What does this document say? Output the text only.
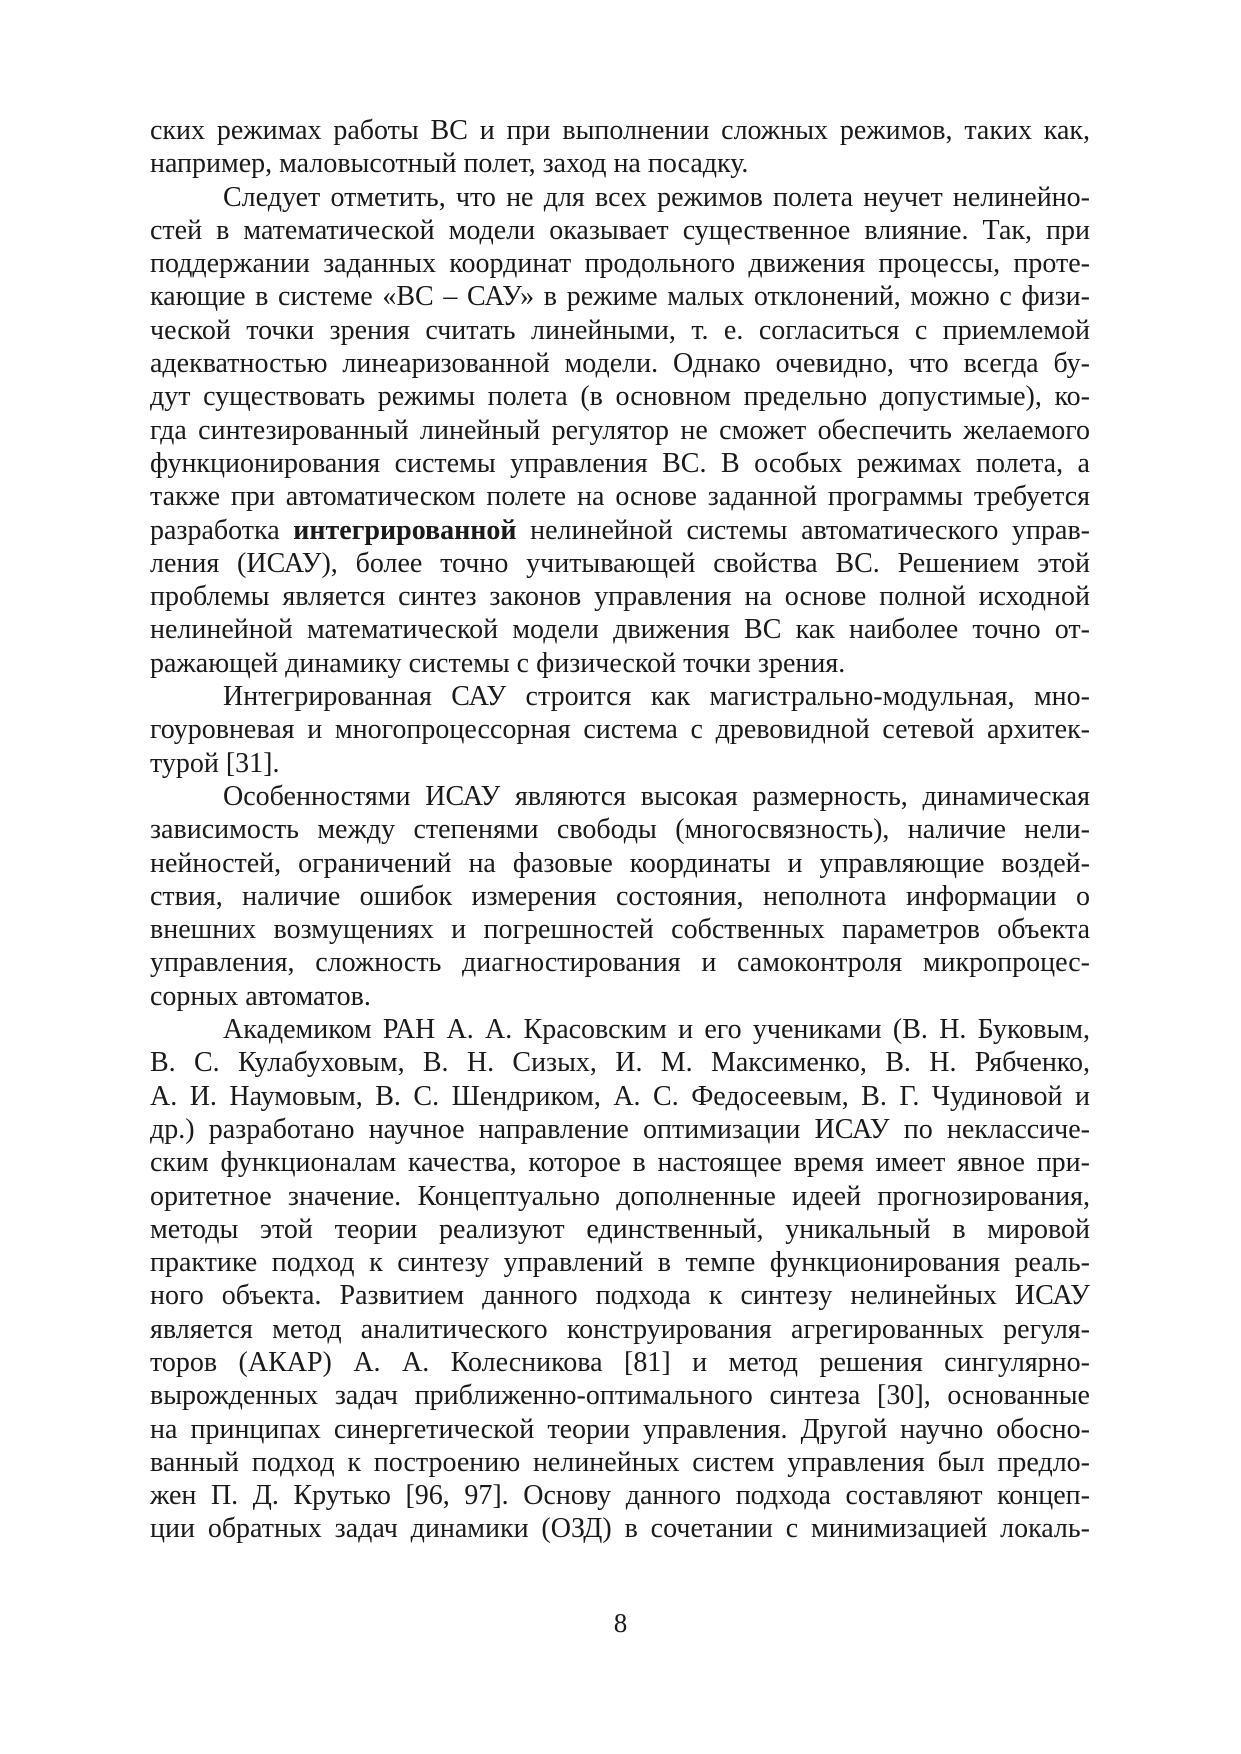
ских режимах работы ВС и при выполнении сложных режимов, таких как,
например, маловысотный полет, заход на посадку.
Следует отметить, что не для всех режимов полета неучет нелинейно-
стей в математической модели оказывает существенное влияние. Так, при
поддержании заданных координат продольного движения процессы, проте-
кающие в системе «ВС – САУ» в режиме малых отклонений, можно с физи-
ческой точки зрения считать линейными, т. е. согласиться с приемлемой
адекватностью линеаризованной модели. Однако очевидно, что всегда бу-
дут существовать режимы полета (в основном предельно допустимые), ко-
гда синтезированный линейный регулятор не сможет обеспечить желаемого
функционирования системы управления ВС. В особых режимах полета, а
также при автоматическом полете на основе заданной программы требуется
разработка интегрированной нелинейной системы автоматического управ-
ления (ИСАУ), более точно учитывающей свойства ВС. Решением этой
проблемы является синтез законов управления на основе полной исходной
нелинейной математической модели движения ВС как наиболее точно от-
ражающей динамику системы с физической точки зрения.
Интегрированная САУ строится как магистрально-модульная, мно-
гоуровневая и многопроцессорная система с древовидной сетевой архитек-
турой [31].
Особенностями ИСАУ являются высокая размерность, динамическая
зависимость между степенями свободы (многосвязность), наличие нели-
нейностей, ограничений на фазовые координаты и управляющие воздей-
ствия, наличие ошибок измерения состояния, неполнота информации о
внешних возмущениях и погрешностей собственных параметров объекта
управления, сложность диагностирования и самоконтроля микропроцес-
сорных автоматов.
Академиком РАН А. А. Красовским и его учениками (В. Н. Буковым,
В. С. Кулабуховым, В. Н. Сизых, И. М. Максименко, В. Н. Рябченко,
А. И. Наумовым, В. С. Шендриком, А. С. Федосеевым, В. Г. Чудиновой и
др.) разработано научное направление оптимизации ИСАУ по неклассиче-
ским функционалам качества, которое в настоящее время имеет явное при-
оритетное значение. Концептуально дополненные идеей прогнозирования,
методы этой теории реализуют единственный, уникальный в мировой
практике подход к синтезу управлений в темпе функционирования реаль-
ного объекта. Развитием данного подхода к синтезу нелинейных ИСАУ
является метод аналитического конструирования агрегированных регуля-
торов (АКАР) А. А. Колесникова [81] и метод решения сингулярно-
вырожденных задач приближенно-оптимального синтеза [30], основанные
на принципах синергетической теории управления. Другой научно обосно-
ванный подход к построению нелинейных систем управления был предло-
жен П. Д. Крутько [96, 97]. Основу данного подхода составляют концеп-
ции обратных задач динамики (ОЗД) в сочетании с минимизацией локаль-
8
